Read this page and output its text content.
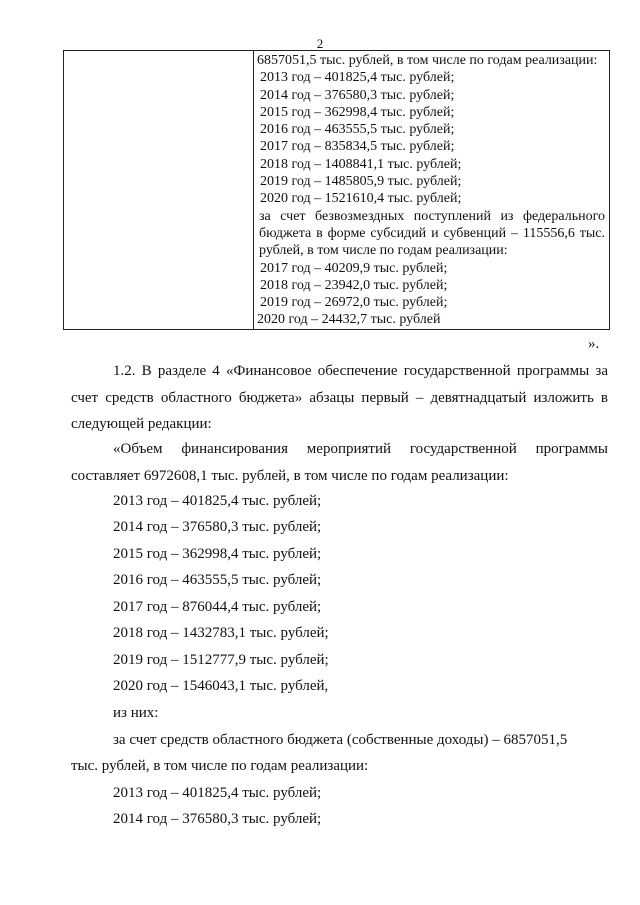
2
6857051,5 тыс. рублей, в том числе по годам реализации:
2013 год – 401825,4 тыс. рублей;
2014 год – 376580,3 тыс. рублей;
2015 год – 362998,4 тыс. рублей;
2016 год – 463555,5 тыс. рублей;
2017 год – 835834,5 тыс. рублей;
2018 год – 1408841,1 тыс. рублей;
2019 год – 1485805,9 тыс. рублей;
2020 год – 1521610,4 тыс. рублей;
за счет безвозмездных поступлений из федерального бюджета в форме субсидий и субвенций – 115556,6 тыс. рублей, в том числе по годам реализации:
2017 год – 40209,9 тыс. рублей;
2018 год – 23942,0 тыс. рублей;
2019 год – 26972,0 тыс. рублей;
2020 год – 24432,7 тыс. рублей
».
1.2. В разделе 4 «Финансовое обеспечение государственной программы за счет средств областного бюджета» абзацы первый – девятнадцатый изложить в следующей редакции:
«Объем финансирования мероприятий государственной программы составляет 6972608,1 тыс. рублей, в том числе по годам реализации:
2013 год – 401825,4 тыс. рублей;
2014 год – 376580,3 тыс. рублей;
2015 год – 362998,4 тыс. рублей;
2016 год – 463555,5 тыс. рублей;
2017 год – 876044,4 тыс. рублей;
2018 год – 1432783,1 тыс. рублей;
2019 год – 1512777,9 тыс. рублей;
2020 год – 1546043,1 тыс. рублей,
из них:
за счет средств областного бюджета (собственные доходы) – 6857051,5
тыс. рублей, в том числе по годам реализации:
2013 год – 401825,4 тыс. рублей;
2014 год – 376580,3 тыс. рублей;
